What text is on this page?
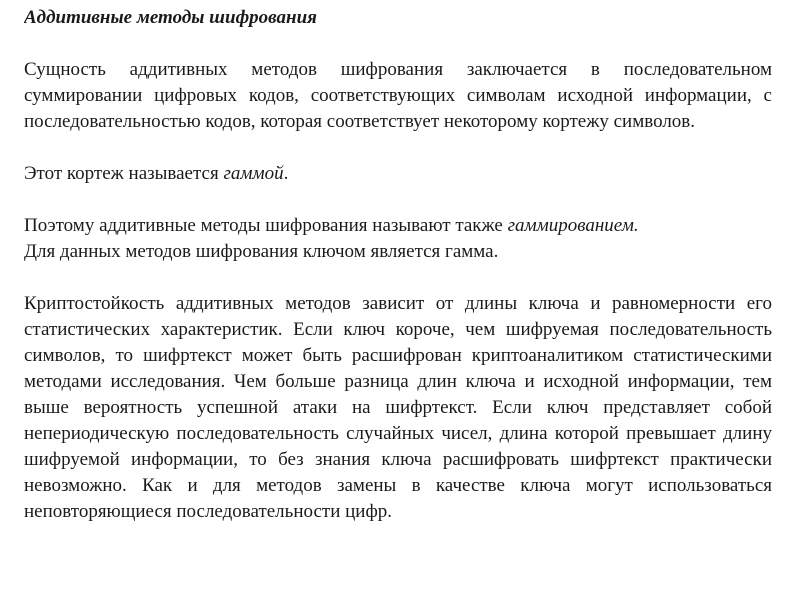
Аддитивные методы шифрования

Сущность аддитивных методов шифрования заключается в последовательном суммировании цифровых кодов, соответствующих символам исходной информации, с последовательностью кодов, которая соответствует некоторому кортежу символов.

Этот кортеж называется гаммой.

Поэтому аддитивные методы шифрования называют также гаммированием.

Для данных методов шифрования ключом является гамма.

Криптостойкость аддитивных методов зависит от длины ключа и равномерности его статистических характеристик. Если ключ короче, чем шифруемая последовательность символов, то шифртекст может быть расшифрован криптоаналитиком статистическими методами исследования. Чем больше разница длин ключа и исходной информации, тем выше вероятность успешной атаки на шифртекст. Если ключ представляет собой непериодическую последовательность случайных чисел, длина которой превышает длину шифруемой информации, то без знания ключа расшифровать шифртекст практически невозможно. Как и для методов замены в качестве ключа могут использоваться неповторяющиеся последовательности цифр.
